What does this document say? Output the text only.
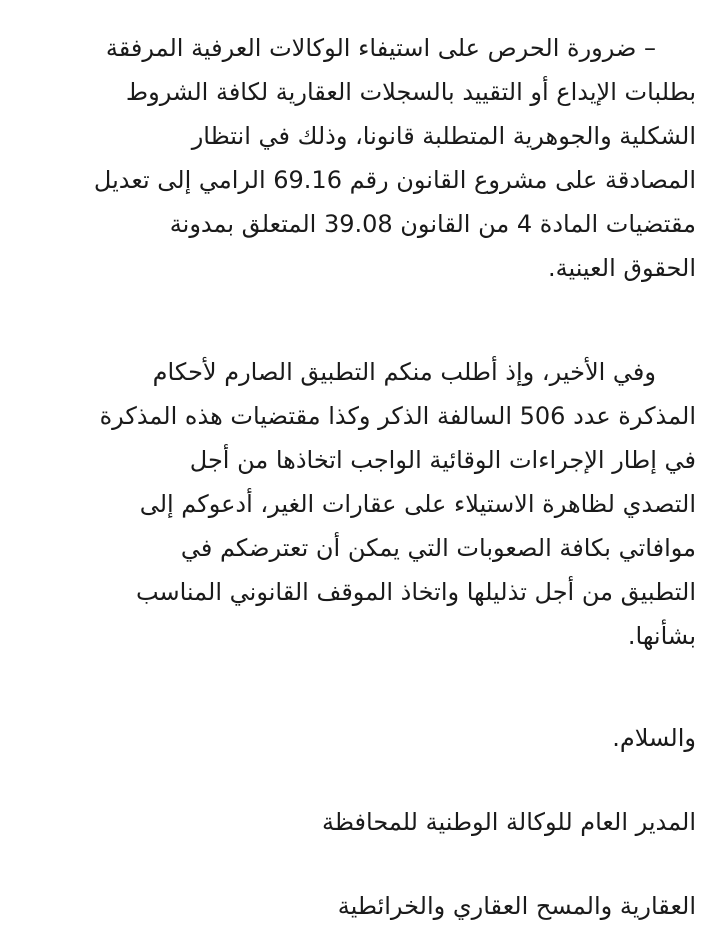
– ضرورة الحرص على استيفاء الوكالات العرفية المرفقة
بطلبات الإيداع أو التقييد بالسجلات العقارية لكافة الشروط
الشكلية والجوهرية المتطلبة قانونا، وذلك في انتظار
المصادقة على مشروع القانون رقم 69.16 الرامي إلى تعديل
مقتضيات المادة 4 من القانون 39.08 المتعلق بمدونة
الحقوق العينية.

وفي الأخير، وإذ أطلب منكم التطبيق الصارم لأحكام
المذكرة عدد 506 السالفة الذكر وكذا مقتضيات هذه المذكرة
في إطار الإجراءات الوقائية الواجب اتخاذها من أجل
التصدي لظاهرة الاستيلاء على عقارات الغير، أدعوكم إلى
موافاتي بكافة الصعوبات التي يمكن أن تعترضكم في
التطبيق من أجل تذليلها واتخاذ الموقف القانوني المناسب
بشأنها.

والسلام.

المدير العام للوكالة الوطنية للمحافظة

العقارية والمسح العقاري والخرائطية
